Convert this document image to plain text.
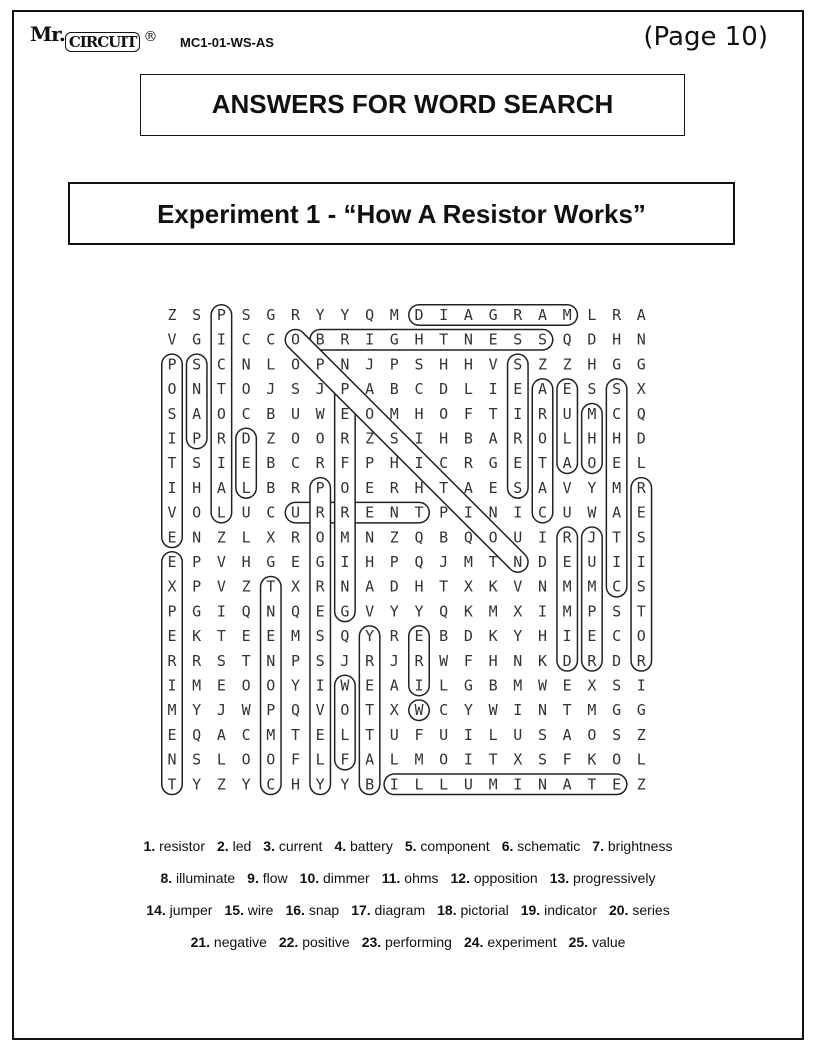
Mr. CIRCUIT ® MC1-01-WS-AS	(Page 10)
ANSWERS FOR WORD SEARCH
Experiment 1 - “How A Resistor Works”
Z S P S G R Y Y Q M D I A G R A M L R A
V G I C C O B R I G H T N E S S Q D H N
P S C N L O P N J P S H H V S Z Z H G G
O N T O J S J P A B C D L I E A E S S X
S A O C B U W E O M H O F T I R U M C Q
I P R D Z O O R Z S I H B A R O L H H D
T S I E B C R F P H I C R G E T A O E L
I H A L B R P O E R H T A E S A V Y M R
V O L U C U R R E N T P I N I C U W A E
E N Z L X R O M N Z Q B Q O U I R J T S
E P V H G E G I H P Q J M T N D E U I I
X P V Z T X R N A D H T X K V N M M C S
P G I Q N Q E G V Y Y Q K M X I M P S T
E K T E E M S Q Y R E B D K Y H I E C O
R R S T N P S J R J R W F H N K D R D R
I M E O O Y I W E A I L G B M W E X S I
M Y J W P Q V O T X W C Y W I N T M G G
E Q A C M T E L T U F U I L U S A O S Z
N S L O O F L F A L M O I T X S F K O L
T Y Z Y C H Y Y B I L L U M I N A T E Z
1. resistor 2. led 3. current 4. battery 5. component 6. schematic 7. brightness
8. illuminate 9. flow 10. dimmer 11. ohms 12. opposition 13. progressively
14. jumper 15. wire 16. snap 17. diagram 18. pictorial 19. indicator 20. series
21. negative 22. positive 23. performing 24. experiment 25. value
